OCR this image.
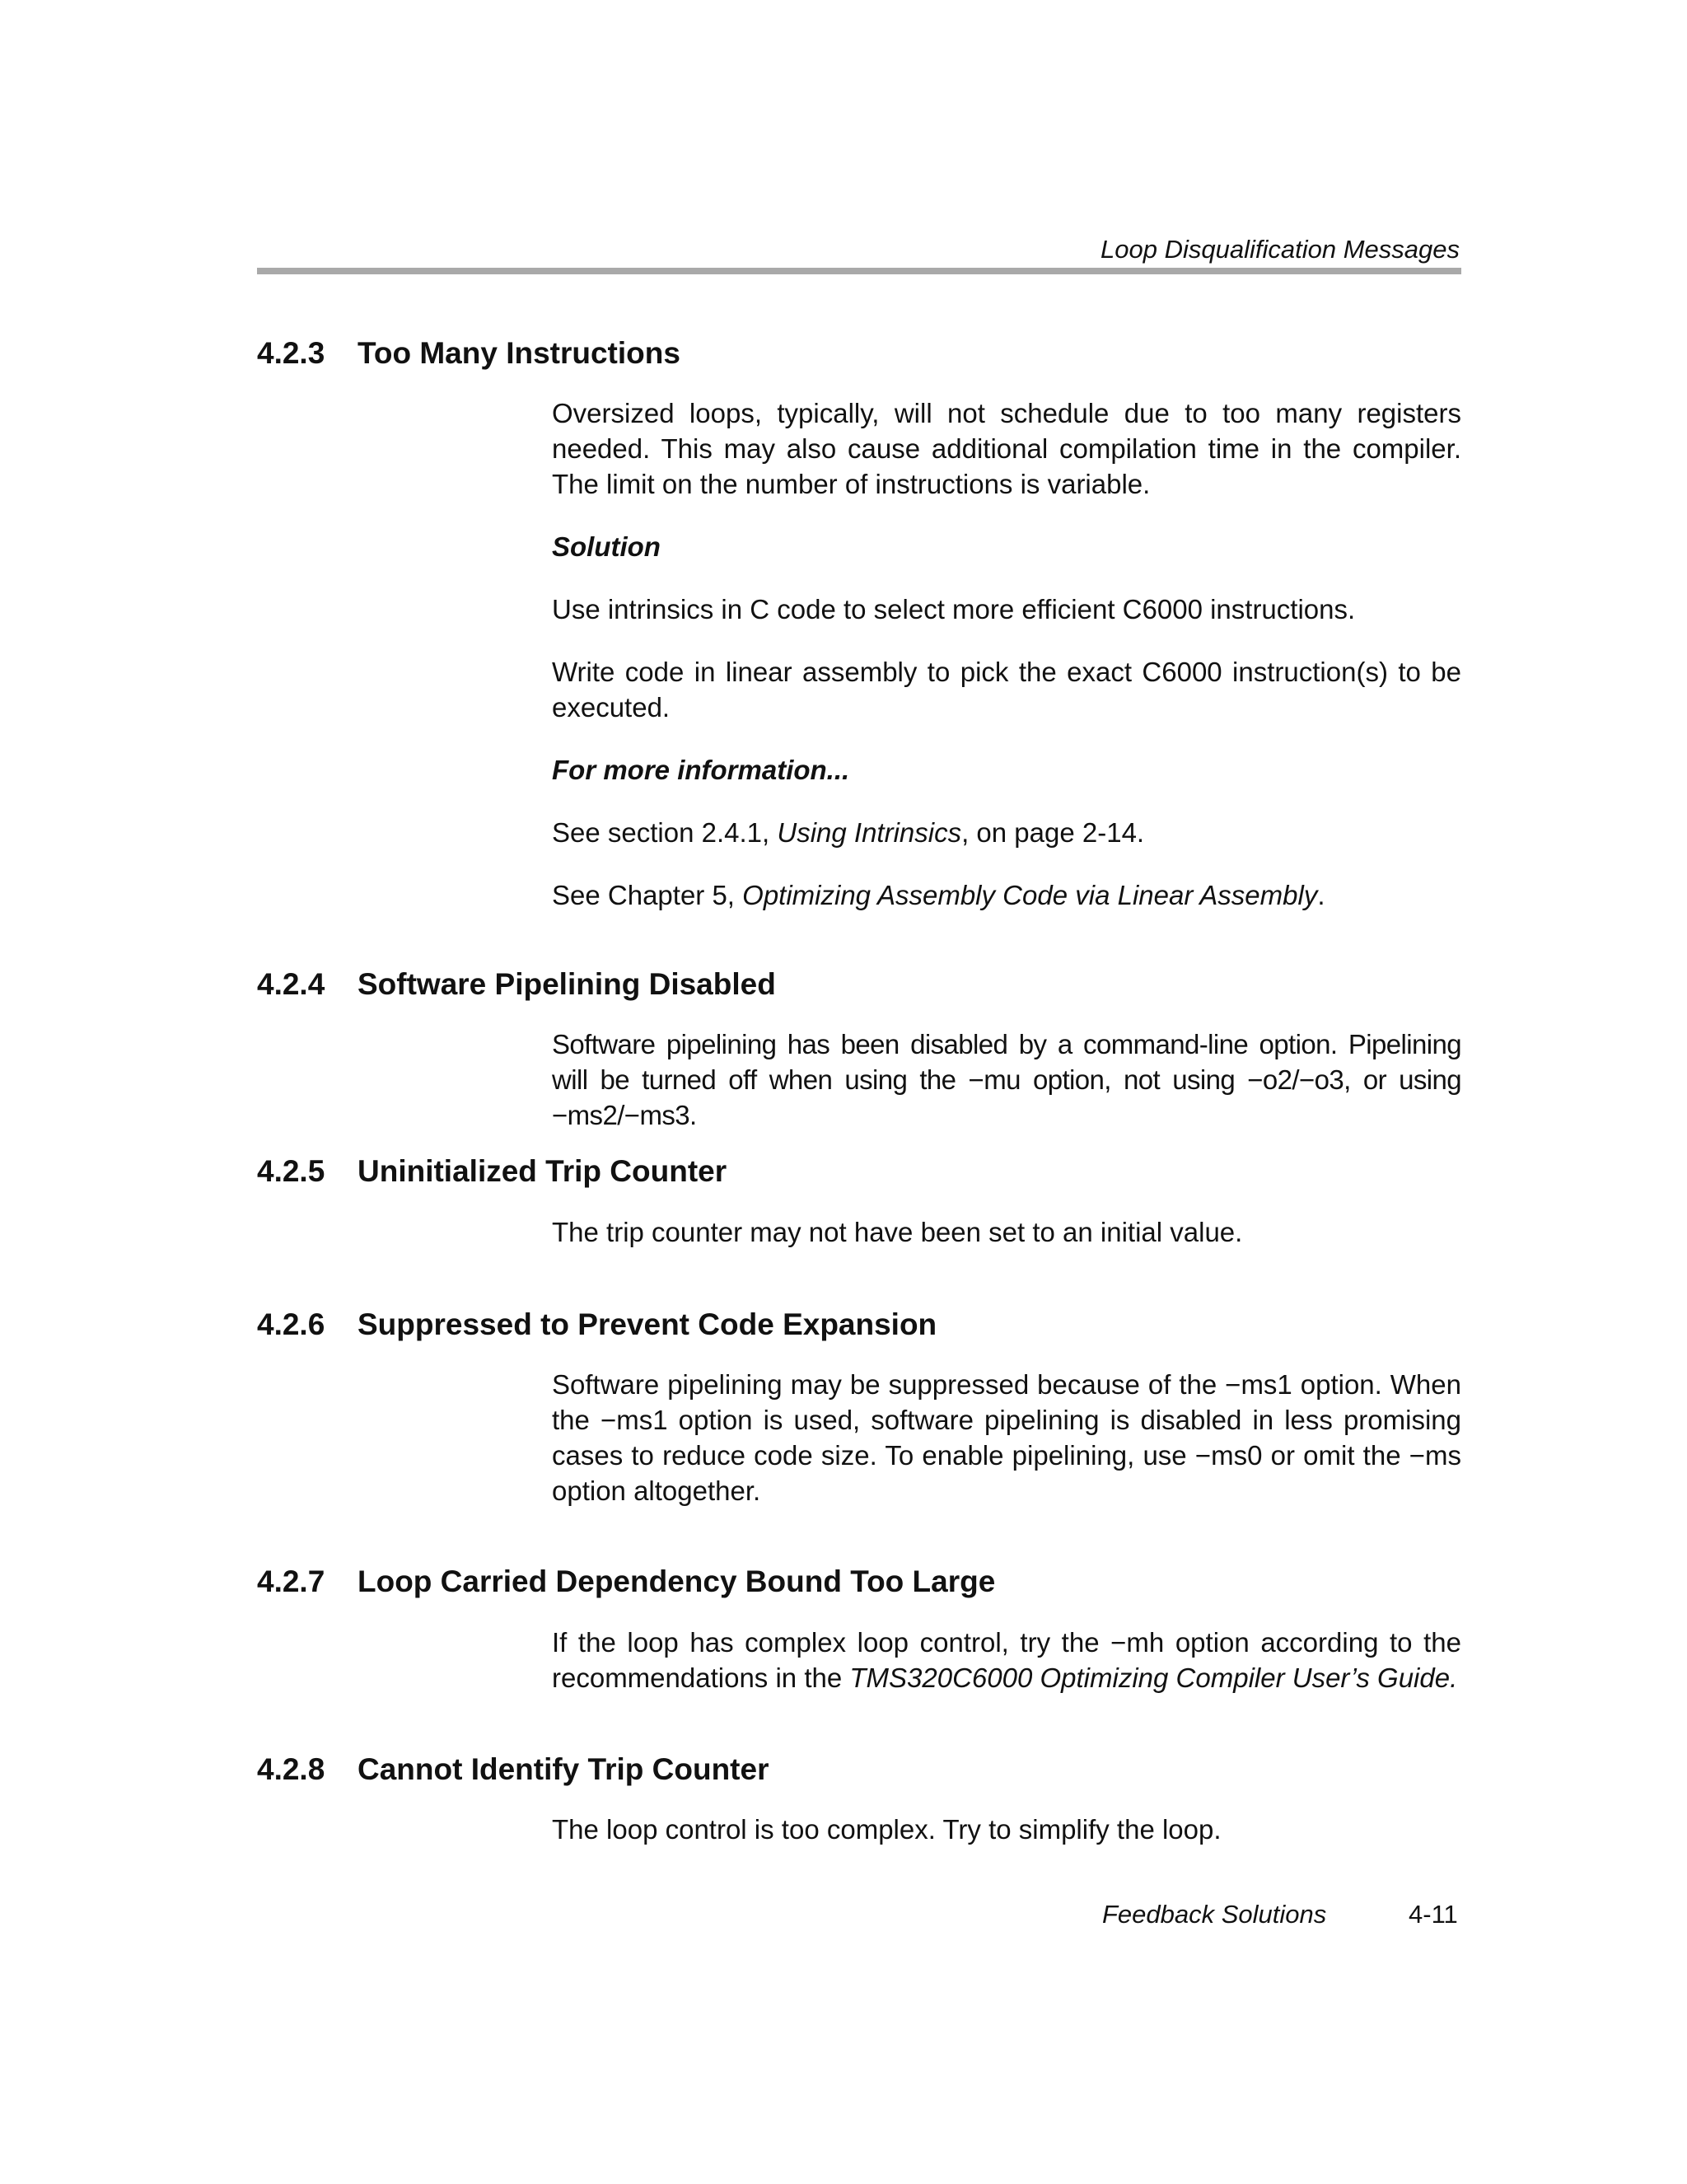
Loop Disqualification Messages
4.2.3 Too Many Instructions

Oversized loops, typically, will not schedule due to too many registers needed. This may also cause additional compilation time in the compiler. The limit on the number of instructions is variable.

Solution

Use intrinsics in C code to select more efficient C6000 instructions.

Write code in linear assembly to pick the exact C6000 instruction(s) to be executed.

For more information...

See section 2.4.1, Using Intrinsics, on page 2-14.

See Chapter 5, Optimizing Assembly Code via Linear Assembly.

4.2.4 Software Pipelining Disabled

Software pipelining has been disabled by a command-line option. Pipelining will be turned off when using the −mu option, not using −o2/−o3, or using −ms2/−ms3.

4.2.5 Uninitialized Trip Counter

The trip counter may not have been set to an initial value.

4.2.6 Suppressed to Prevent Code Expansion

Software pipelining may be suppressed because of the −ms1 option. When the −ms1 option is used, software pipelining is disabled in less promising cases to reduce code size. To enable pipelining, use −ms0 or omit the −ms option altogether.

4.2.7 Loop Carried Dependency Bound Too Large

If the loop has complex loop control, try the −mh option according to the recommendations in the TMS320C6000 Optimizing Compiler User’s Guide.

4.2.8 Cannot Identify Trip Counter

The loop control is too complex. Try to simplify the loop.

Feedback Solutions	4-11
